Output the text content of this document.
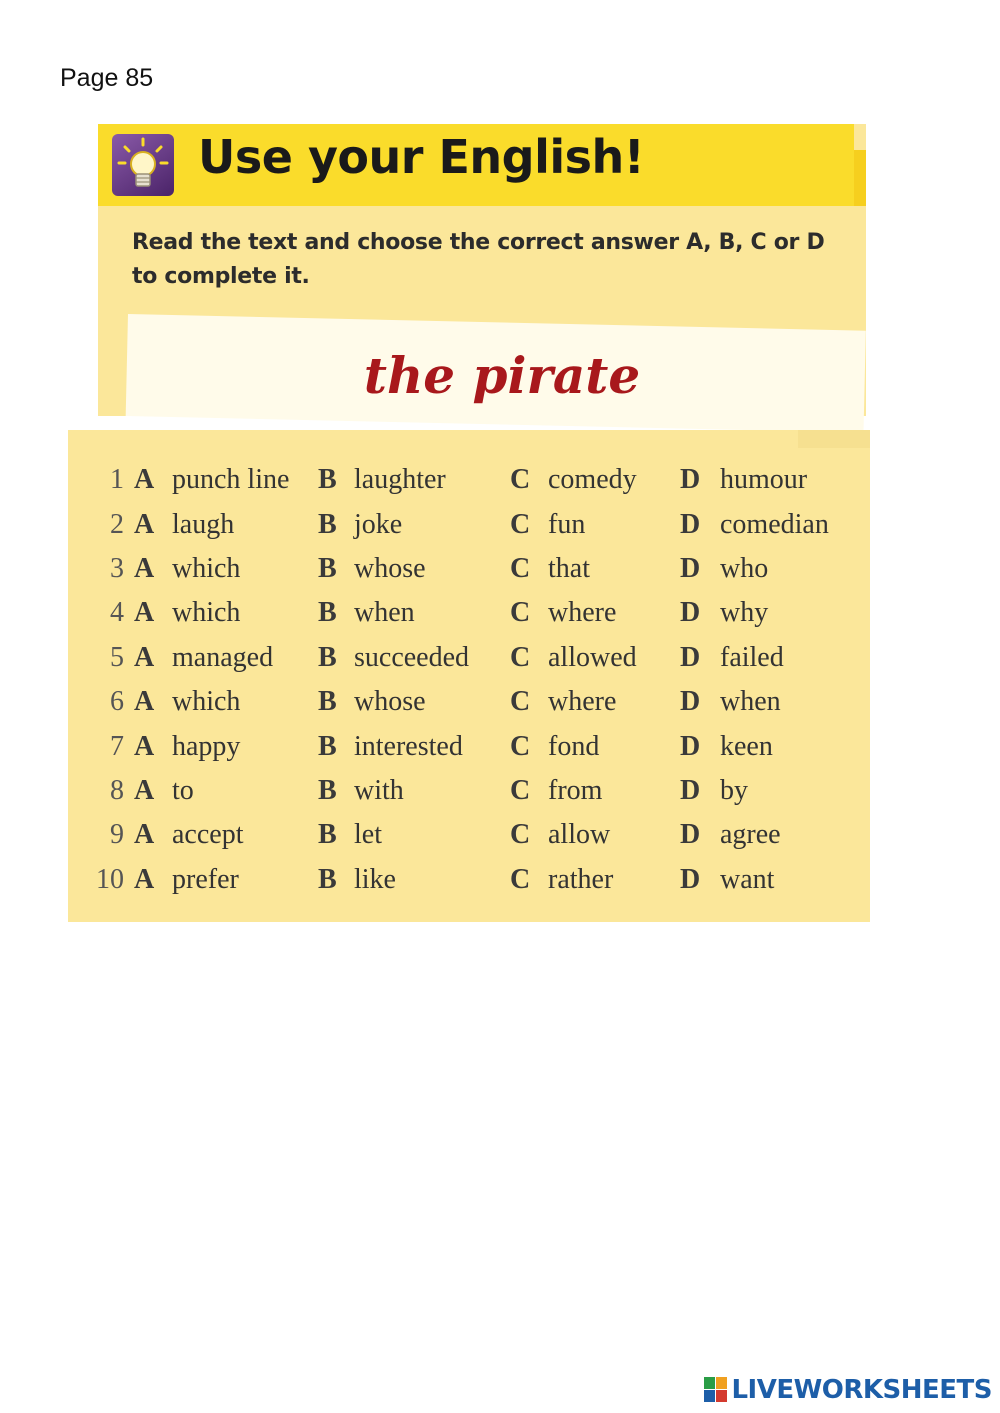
Page 85
Use your English!
Read the text and choose the correct answer A, B, C or D
to complete it.
the pirate
1	A	punch line	B	laughter	C	comedy	D	humour
2	A	laugh	B	joke	C	fun	D	comedian
3	A	which	B	whose	C	that	D	who
4	A	which	B	when	C	where	D	why
5	A	managed	B	succeeded	C	allowed	D	failed
6	A	which	B	whose	C	where	D	when
7	A	happy	B	interested	C	fond	D	keen
8	A	to	B	with	C	from	D	by
9	A	accept	B	let	C	allow	D	agree
10	A	prefer	B	like	C	rather	D	want
LIVEWORKSHEETS
